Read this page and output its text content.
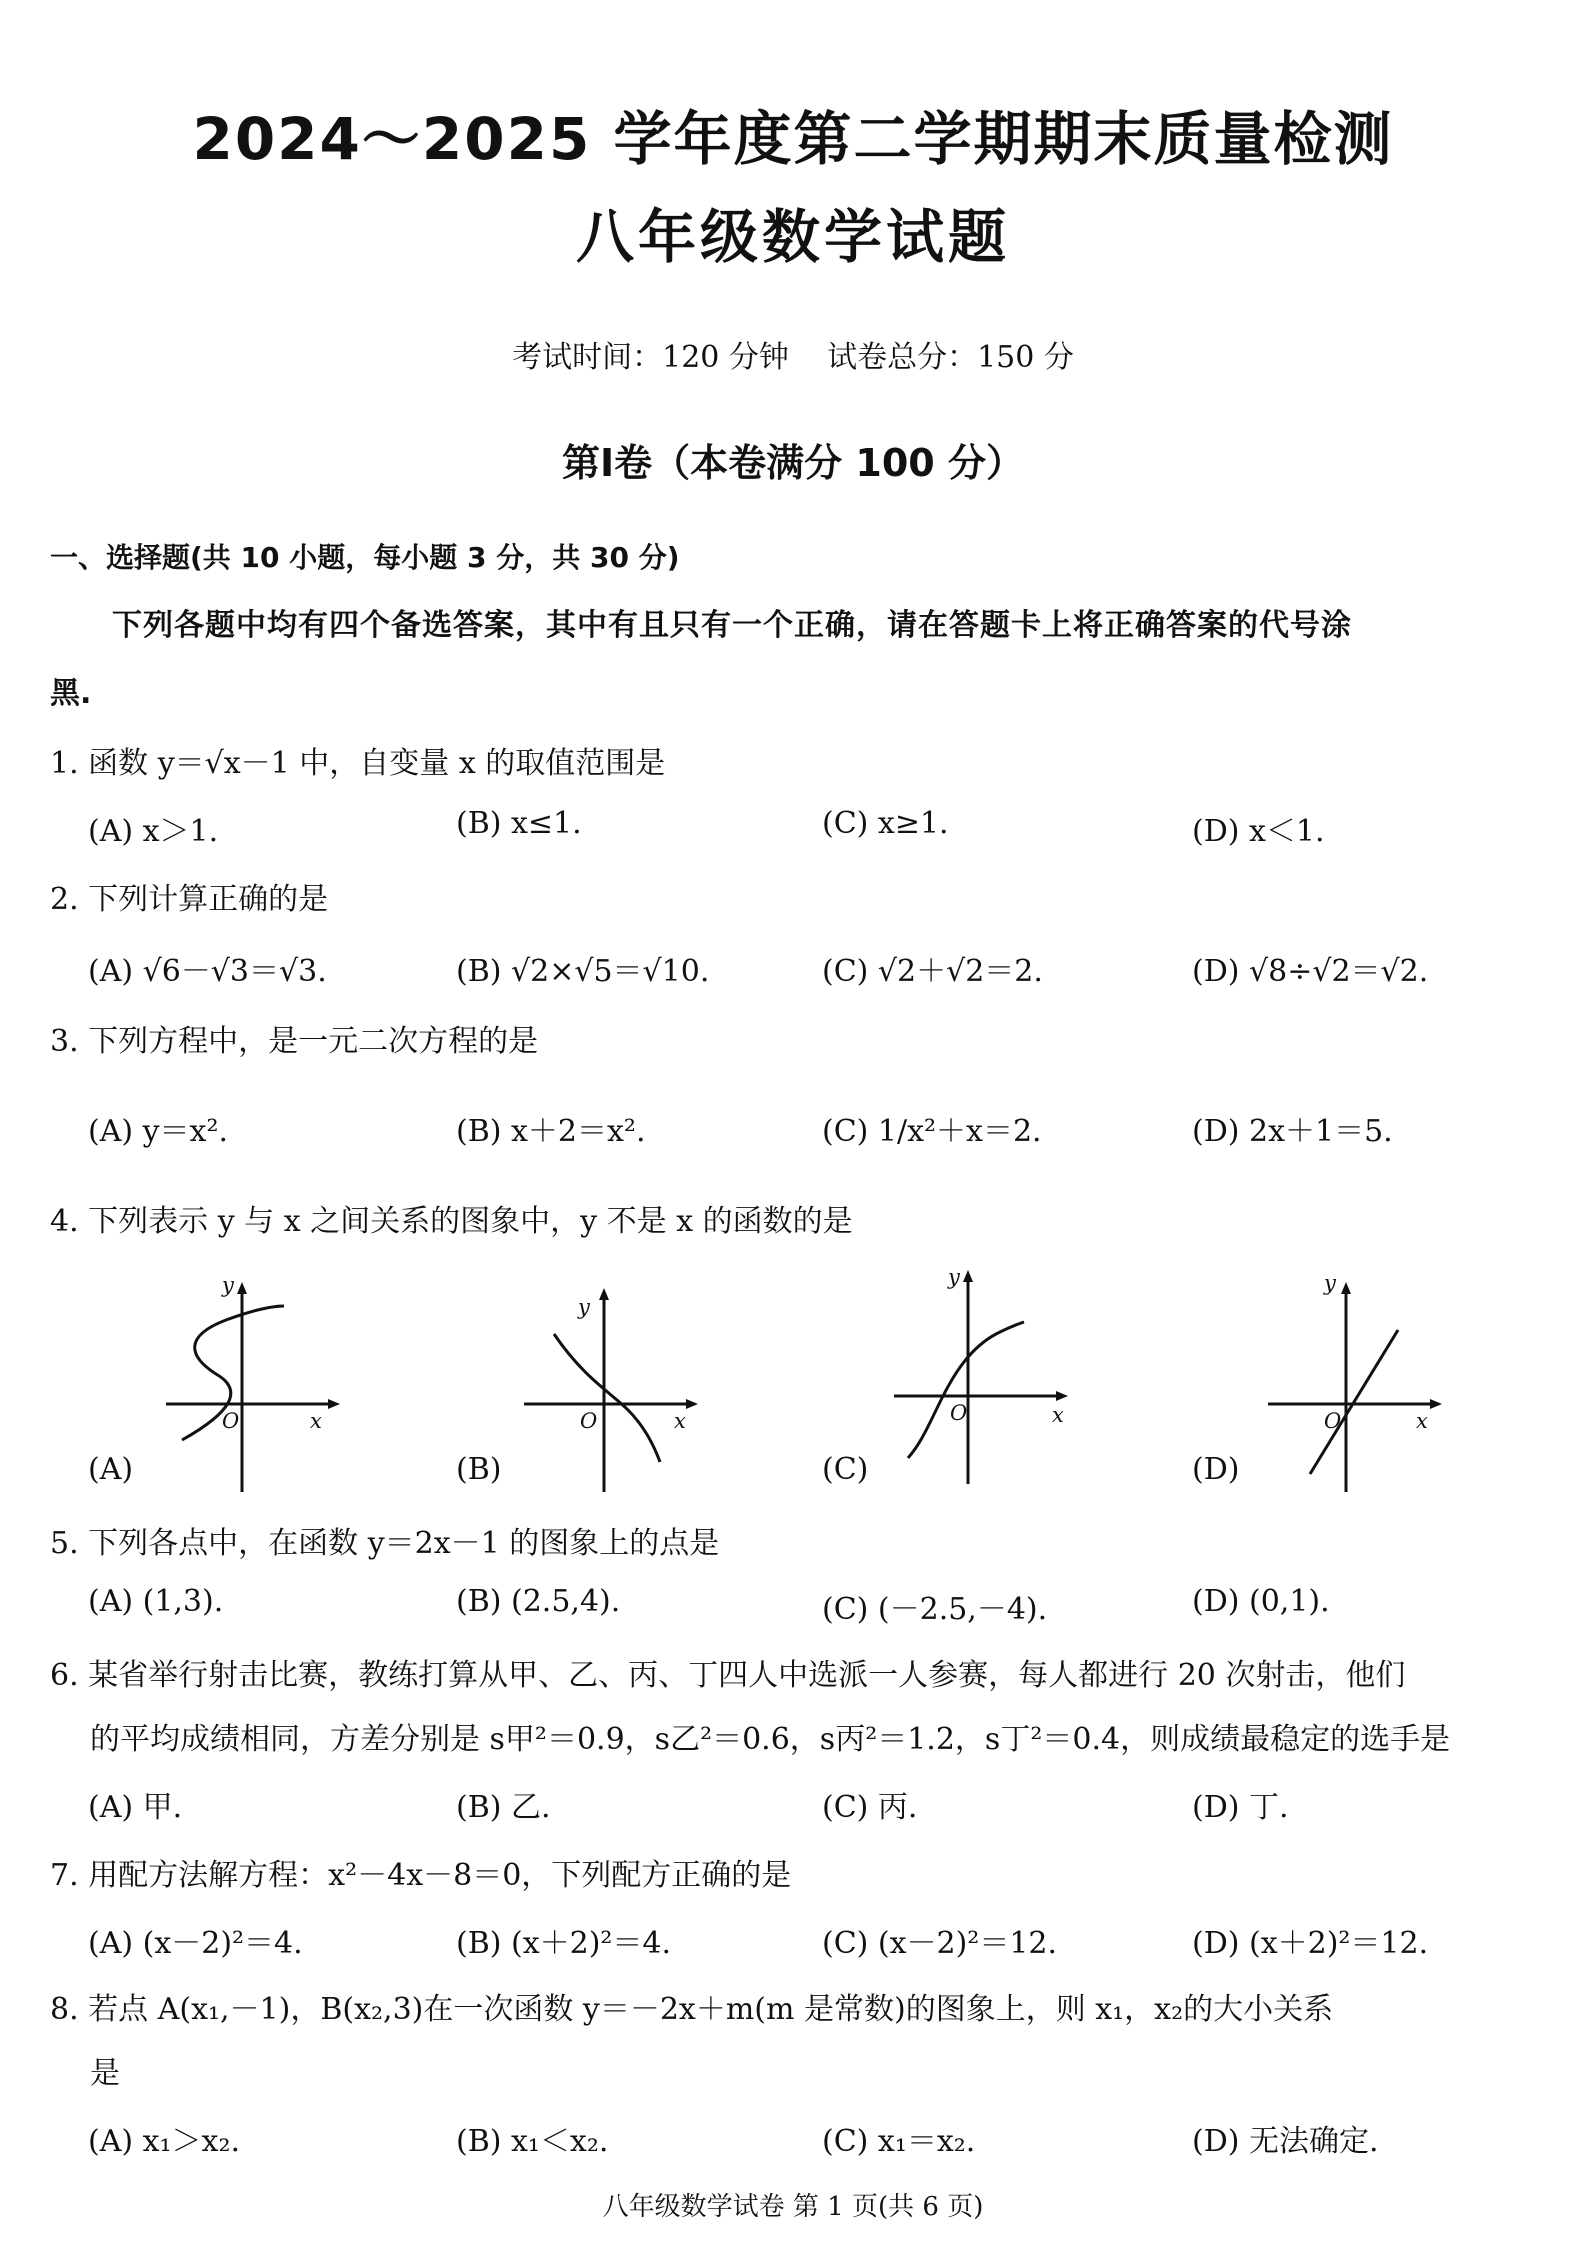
2024～2025 学年度第二学期期末质量检测
八年级数学试题
考试时间：120 分钟 试卷总分：150 分
第Ⅰ卷（本卷满分 100 分）
一、选择题(共 10 小题，每小题 3 分，共 30 分)
下列各题中均有四个备选答案，其中有且只有一个正确，请在答题卡上将正确答案的代号涂
黑.
1. 函数 y＝√x－1 中，自变量 x 的取值范围是
(A) x＞1.	(B) x≤1.	(C) x≥1.	(D) x＜1.
2. 下列计算正确的是
(A) √6－√3＝√3.	(B) √2×√5＝√10.	(C) √2＋√2＝2.	(D) √8÷√2＝√2.
3. 下列方程中，是一元二次方程的是
(A) y＝x².	(B) x＋2＝x².	(C) 1/x²＋x＝2.	(D) 2x＋1＝5.
4. 下列表示 y 与 x 之间关系的图象中，y 不是 x 的函数的是
y
O	x
y
O	x
y
O	x
y
O	x
(A)	(B)	(C)	(D)
5. 下列各点中，在函数 y＝2x－1 的图象上的点是
(A) (1,3).	(B) (2.5,4).	(C) (－2.5,－4).	(D) (0,1).
6. 某省举行射击比赛，教练打算从甲、乙、丙、丁四人中选派一人参赛，每人都进行 20 次射击，他们
的平均成绩相同，方差分别是 s甲²＝0.9，s乙²＝0.6，s丙²＝1.2，s丁²＝0.4，则成绩最稳定的选手是
(A) 甲.	(B) 乙.	(C) 丙.	(D) 丁.
7. 用配方法解方程：x²－4x－8＝0，下列配方正确的是
(A) (x－2)²＝4.	(B) (x＋2)²＝4.	(C) (x－2)²＝12.	(D) (x＋2)²＝12.
8. 若点 A(x₁,－1)，B(x₂,3)在一次函数 y＝－2x＋m(m 是常数)的图象上，则 x₁，x₂的大小关系
是
(A) x₁＞x₂.	(B) x₁＜x₂.	(C) x₁＝x₂.	(D) 无法确定.
八年级数学试卷 第 1 页(共 6 页)
